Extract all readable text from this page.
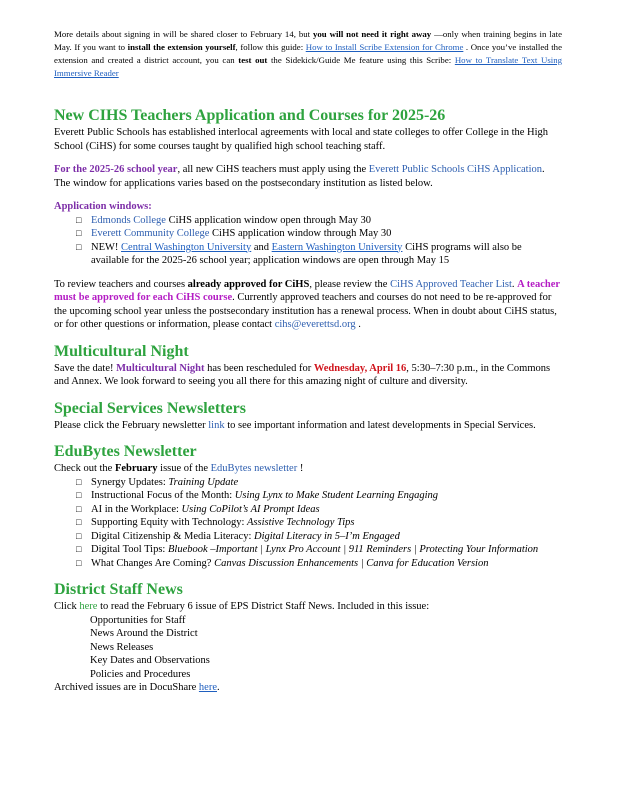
More details about signing in will be shared closer to February 14, but you will not need it right away —only when training begins in late May. If you want to install the extension yourself, follow this guide: How to Install Scribe Extension for Chrome . Once you’ve installed the extension and created a district account, you can test out the Sidekick/Guide Me feature using this Scribe: How to Translate Text Using Immersive Reader

New CIHS Teachers Application and Courses for 2025-26

Everett Public Schools has established interlocal agreements with local and state colleges to offer College in the High School (CiHS) for some courses taught by qualified high school teaching staff.

For the 2025-26 school year, all new CiHS teachers must apply using the Everett Public Schools CiHS Application. The window for applications varies based on the postsecondary institution as listed below.

Application windows:

□ Edmonds College CiHS application window open through May 30
□ Everett Community College CiHS application window through May 30
□ NEW! Central Washington University and Eastern Washington University CiHS programs will also be available for the 2025-26 school year; application windows are open through May 15

To review teachers and courses already approved for CiHS, please review the CiHS Approved Teacher List. A teacher must be approved for each CiHS course. Currently approved teachers and courses do not need to be re-approved for the upcoming school year unless the postsecondary institution has a renewal process. When in doubt about CiHS status, or for other questions or information, please contact cihs@everettsd.org .

Multicultural Night

Save the date! Multicultural Night has been rescheduled for Wednesday, April 16, 5:30–7:30 p.m., in the Commons and Annex. We look forward to seeing you all there for this amazing night of culture and diversity.

Special Services Newsletters

Please click the February newsletter link to see important information and latest developments in Special Services.

EduBytes Newsletter

Check out the February issue of the EduBytes newsletter !

□ Synergy Updates: Training Update
□ Instructional Focus of the Month: Using Lynx to Make Student Learning Engaging
□ AI in the Workplace: Using CoPilot’s AI Prompt Ideas
□ Supporting Equity with Technology: Assistive Technology Tips
□ Digital Citizenship & Media Literacy: Digital Literacy in 5–I’m Engaged
□ Digital Tool Tips: Bluebook –Important | Lynx Pro Account | 911 Reminders | Protecting Your Information
□ What Changes Are Coming? Canvas Discussion Enhancements | Canva for Education Version
District Staff News

Click here to read the February 6 issue of EPS District Staff News. Included in this issue:

Opportunities for Staff
News Around the District
News Releases
Key Dates and Observations
Policies and Procedures

Archived issues are in DocuShare here.
